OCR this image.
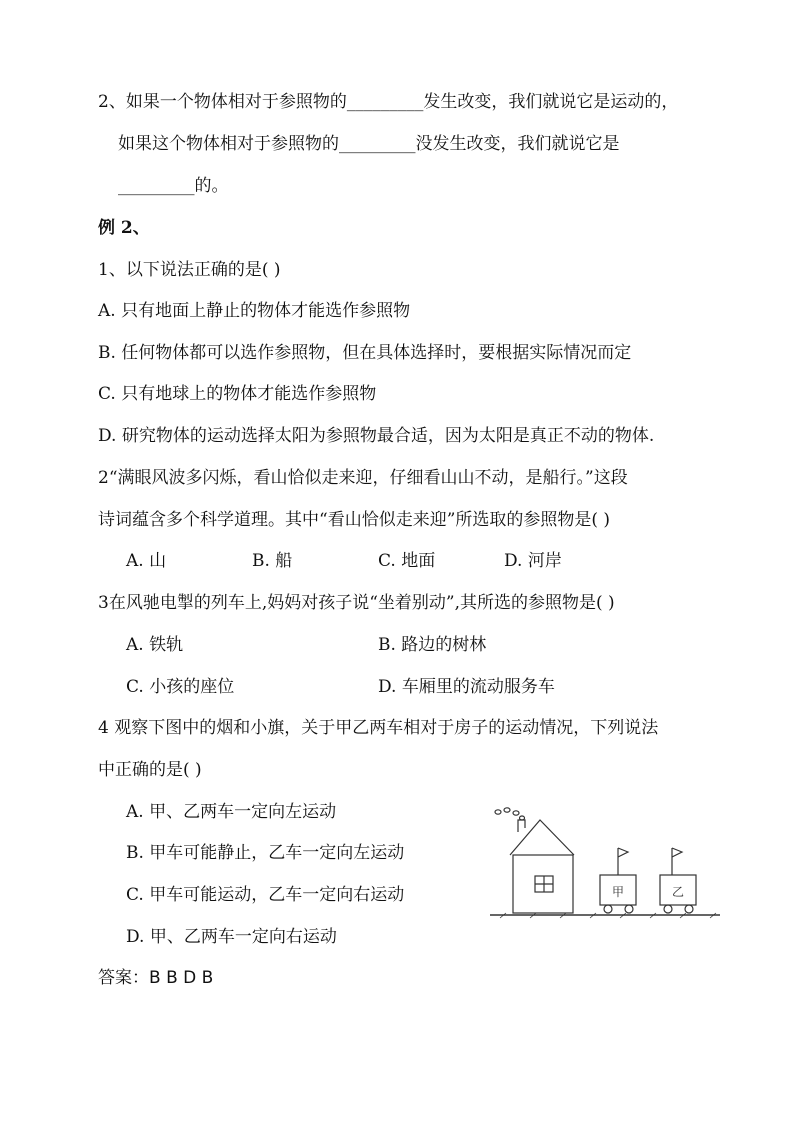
2、如果一个物体相对于参照物的_________发生改变，我们就说它是运动的，
如果这个物体相对于参照物的_________没发生改变，我们就说它是
_________的。
例 2、
1、以下说法正确的是( )
A. 只有地面上静止的物体才能选作参照物
B. 任何物体都可以选作参照物，但在具体选择时，要根据实际情况而定
C. 只有地球上的物体才能选作参照物
D. 研究物体的运动选择太阳为参照物最合适，因为太阳是真正不动的物体.
2“满眼风波多闪烁，看山恰似走来迎，仔细看山山不动，是船行。”这段
诗词蕴含多个科学道理。其中“看山恰似走来迎”所选取的参照物是( )
A. 山	B. 船	C. 地面	D. 河岸
3在风驰电掣的列车上,妈妈对孩子说“坐着别动”,其所选的参照物是( )
A. 铁轨	B. 路边的树林
C. 小孩的座位	D. 车厢里的流动服务车
4 观察下图中的烟和小旗，关于甲乙两车相对于房子的运动情况，下列说法
中正确的是( )
A. 甲、乙两车一定向左运动
B. 甲车可能静止，乙车一定向左运动
C. 甲车可能运动，乙车一定向右运动
D. 甲、乙两车一定向右运动
甲	乙
答案：B B D B
